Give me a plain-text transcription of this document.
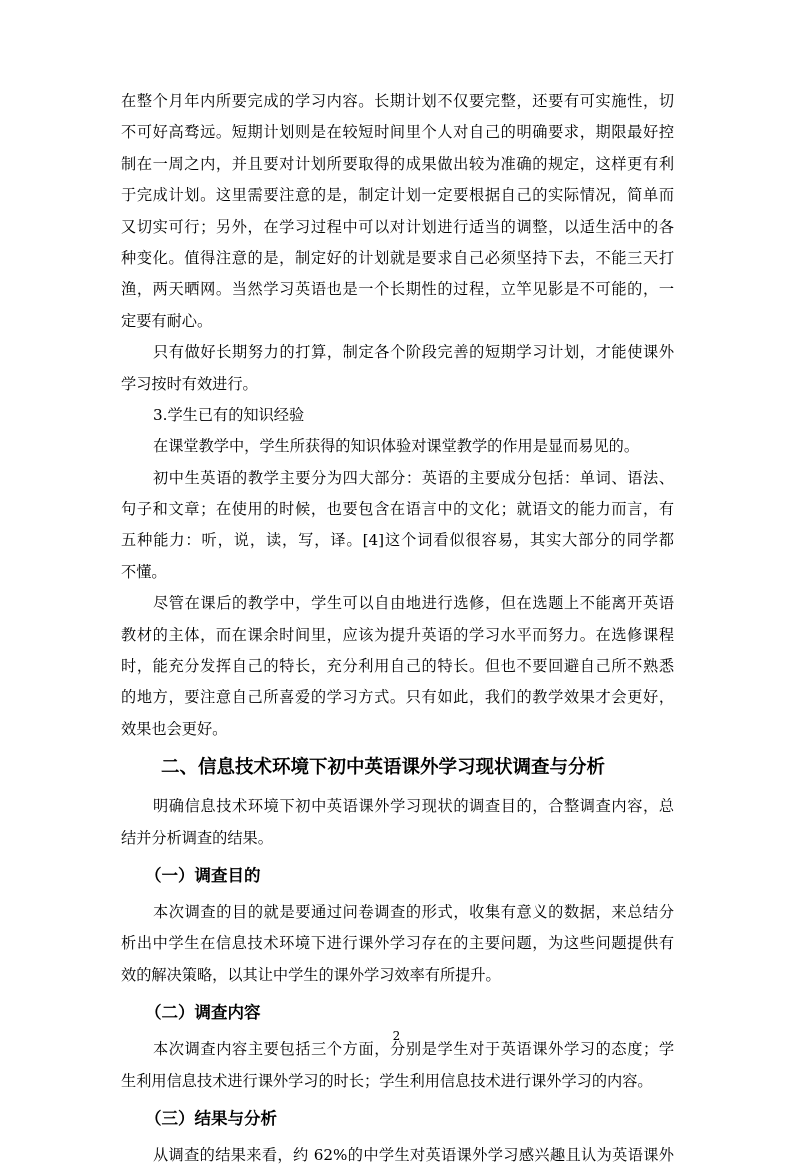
在整个月年内所要完成的学习内容。长期计划不仅要完整，还要有可实施性，切
不可好高骛远。短期计划则是在较短时间里个人对自己的明确要求，期限最好控
制在一周之内，并且要对计划所要取得的成果做出较为准确的规定，这样更有利
于完成计划。这里需要注意的是，制定计划一定要根据自己的实际情况，简单而
又切实可行；另外，在学习过程中可以对计划进行适当的调整，以适生活中的各
种变化。值得注意的是，制定好的计划就是要求自己必须坚持下去，不能三天打
渔，两天晒网。当然学习英语也是一个长期性的过程，立竿见影是不可能的，一
定要有耐心。
只有做好长期努力的打算，制定各个阶段完善的短期学习计划，才能使课外
学习按时有效进行。
3.学生已有的知识经验
在课堂教学中，学生所获得的知识体验对课堂教学的作用是显而易见的。
初中生英语的教学主要分为四大部分：英语的主要成分包括：单词、语法、
句子和文章；在使用的时候，也要包含在语言中的文化；就语文的能力而言，有
五种能力：听，说，读，写，译。[4]这个词看似很容易，其实大部分的同学都
不懂。
尽管在课后的教学中，学生可以自由地进行选修，但在选题上不能离开英语
教材的主体，而在课余时间里，应该为提升英语的学习水平而努力。在选修课程
时，能充分发挥自己的特长，充分利用自己的特长。但也不要回避自己所不熟悉
的地方，要注意自己所喜爱的学习方式。只有如此，我们的教学效果才会更好，
效果也会更好。
二、信息技术环境下初中英语课外学习现状调查与分析
明确信息技术环境下初中英语课外学习现状的调查目的，合整调查内容，总
结并分析调查的结果。
（一）调查目的
本次调查的目的就是要通过问卷调查的形式，收集有意义的数据，来总结分
析出中学生在信息技术环境下进行课外学习存在的主要问题，为这些问题提供有
效的解决策略，以其让中学生的课外学习效率有所提升。
（二）调查内容
本次调查内容主要包括三个方面，分别是学生对于英语课外学习的态度；学
生利用信息技术进行课外学习的时长；学生利用信息技术进行课外学习的内容。
（三）结果与分析
从调查的结果来看，约 62%的中学生对英语课外学习感兴趣且认为英语课外
2
